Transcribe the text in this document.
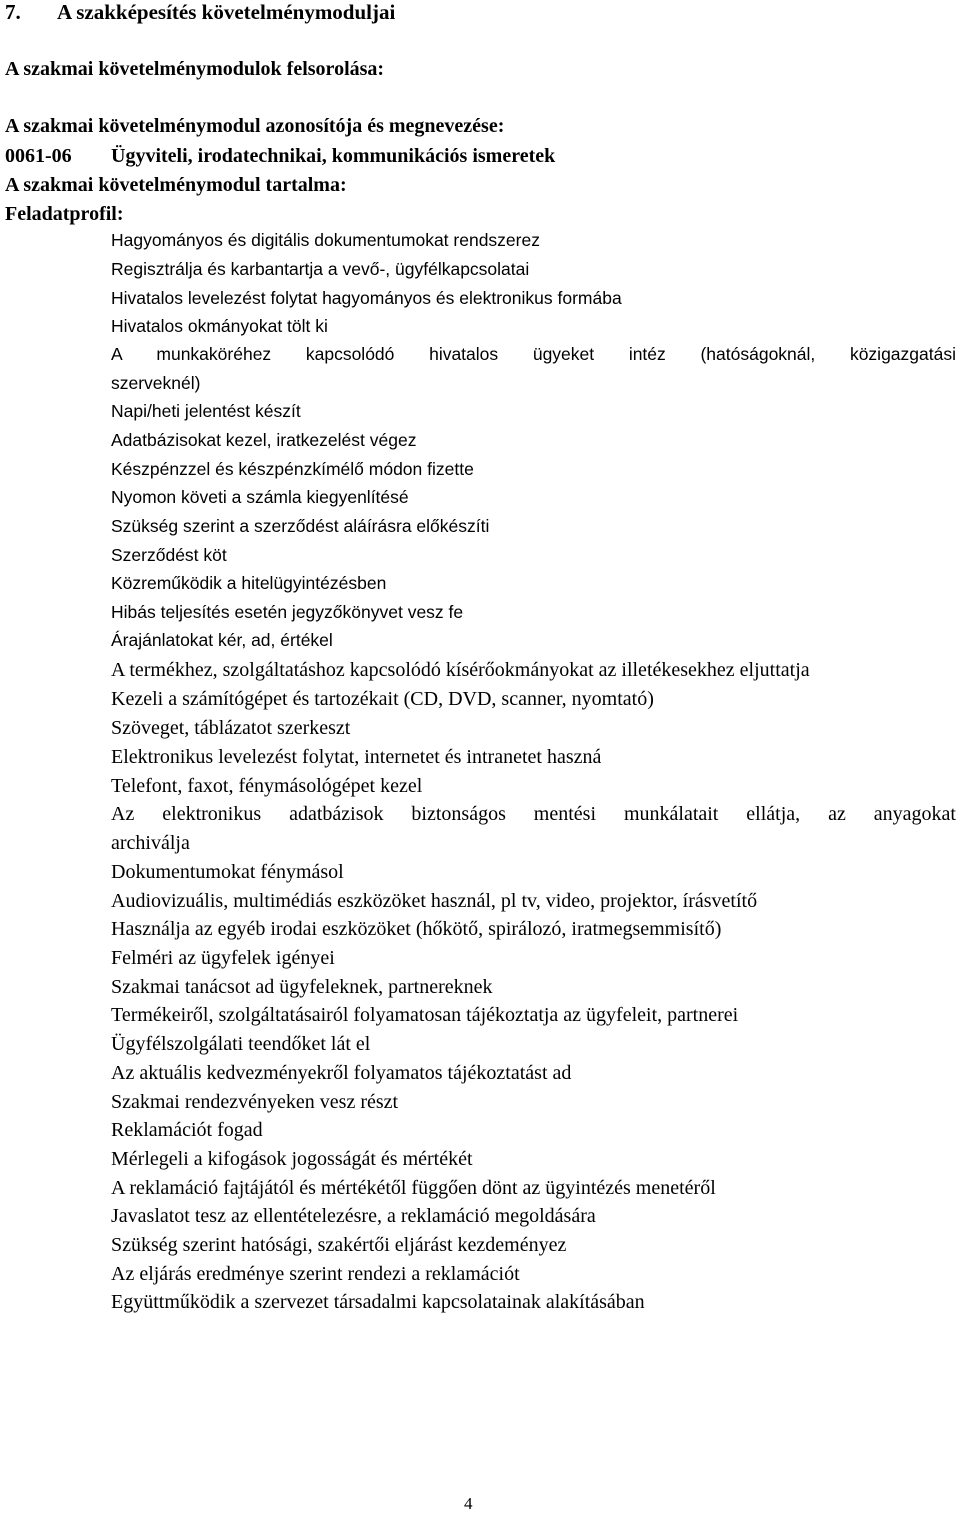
7. A szakképesítés követelménymoduljai
A szakmai követelménymodulok felsorolása:
A szakmai követelménymodul azonosítója és megnevezése:
0061-06 Ügyviteli, irodatechnikai, kommunikációs ismeretek
A szakmai követelménymodul tartalma:
Feladatprofil:
Hagyományos és digitális dokumentumokat rendszerez
Regisztrálja és karbantartja a vevő-, ügyfélkapcsolatai
Hivatalos levelezést folytat hagyományos és elektronikus formába
Hivatalos okmányokat tölt ki
A munkaköréhez kapcsolódó hivatalos ügyeket intéz (hatóságoknál, közigazgatási
szerveknél)
Napi/heti jelentést készít
Adatbázisokat kezel, iratkezelést végez
Készpénzzel és készpénzkímélő módon fizette
Nyomon követi a számla kiegyenlítésé
Szükség szerint a szerződést aláírásra előkészíti
Szerződést köt
Közreműködik a hitelügyintézésben
Hibás teljesítés esetén jegyzőkönyvet vesz fe
Árajánlatokat kér, ad, értékel
A termékhez, szolgáltatáshoz kapcsolódó kísérőokmányokat az illetékesekhez eljuttatja
Kezeli a számítógépet és tartozékait (CD, DVD, scanner, nyomtató)
Szöveget, táblázatot szerkeszt
Elektronikus levelezést folytat, internetet és intranetet haszná
Telefont, faxot, fénymásológépet kezel
Az elektronikus adatbázisok biztonságos mentési munkálatait ellátja, az anyagokat
archiválja
Dokumentumokat fénymásol
Audiovizuális, multimédiás eszközöket használ, pl tv, video, projektor, írásvetítő
Használja az egyéb irodai eszközöket (hőkötő, spirálozó, iratmegsemmisítő)
Felméri az ügyfelek igényei
Szakmai tanácsot ad ügyfeleknek, partnereknek
Termékeiről, szolgáltatásairól folyamatosan tájékoztatja az ügyfeleit, partnerei
Ügyfélszolgálati teendőket lát el
Az aktuális kedvezményekről folyamatos tájékoztatást ad
Szakmai rendezvényeken vesz részt
Reklamációt fogad
Mérlegeli a kifogások jogosságát és mértékét
A reklamáció fajtájától és mértékétől függően dönt az ügyintézés menetéről
Javaslatot tesz az ellentételezésre, a reklamáció megoldására
Szükség szerint hatósági, szakértői eljárást kezdeményez
Az eljárás eredménye szerint rendezi a reklamációt
Együttműködik a szervezet társadalmi kapcsolatainak alakításában
4
